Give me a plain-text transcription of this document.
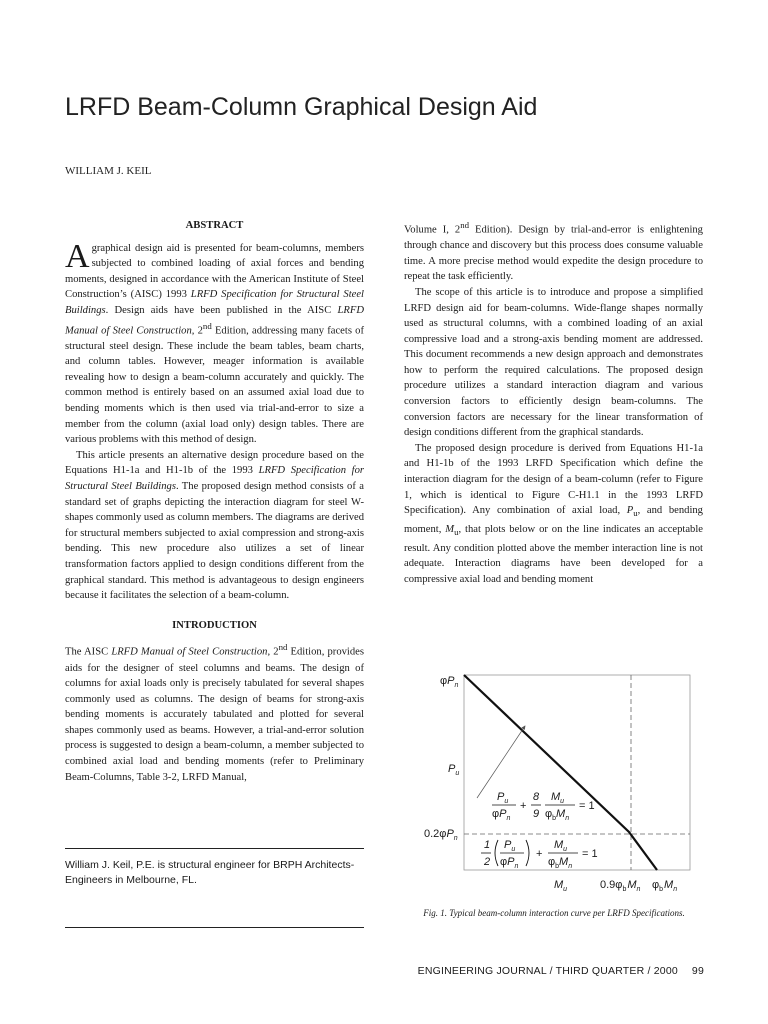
LRFD Beam-Column Graphical Design Aid
WILLIAM J. KEIL
ABSTRACT

A graphical design aid is presented for beam-columns, members subjected to combined loading of axial forces and bending moments, designed in accordance with the American Institute of Steel Construction’s (AISC) 1993 LRFD Specification for Structural Steel Buildings. Design aids have been published in the AISC LRFD Manual of Steel Construction, 2nd Edition, addressing many facets of structural steel design. These include the beam tables, beam charts, and column tables. However, meager information is available revealing how to design a beam-column accurately and quickly. The common method is entirely based on an assumed axial load due to bending moments which is then used via trial-and-error to size a member from the column (axial load only) design tables. There are various problems with this method of design.

This article presents an alternative design procedure based on the Equations H1-1a and H1-1b of the 1993 LRFD Specification for Structural Steel Buildings. The proposed design method consists of a standard set of graphs depicting the interaction diagram for steel W-shapes commonly used as column members. The diagrams are derived for structural members subjected to axial compression and strong-axis bending. This new procedure also utilizes a set of linear transformation factors applied to design conditions different from the graphical standard. This method is advantageous to design engineers because it facilitates the selection of a beam-column.

INTRODUCTION

The AISC LRFD Manual of Steel Construction, 2nd Edition, provides aids for the designer of steel columns and beams. The design of columns for axial loads only is precisely tabulated for several shapes commonly used as columns. The design of beams for strong-axis bending moments is accurately tabulated and plotted for several shapes commonly used as beams. However, a trial-and-error solution process is suggested to design a beam-column, a member subjected to combined axial load and bending moments (refer to Preliminary Beam-Columns, Table 3-2, LRFD Manual,

William J. Keil, P.E. is structural engineer for BRPH Architects-Engineers in Melbourne, FL.

Volume I, 2nd Edition). Design by trial-and-error is enlightening through chance and discovery but this process does consume valuable time. A more precise method would expedite the design procedure to repeat the task efficiently.

The scope of this article is to introduce and propose a simplified LRFD design aid for beam-columns. Wide-flange shapes normally used as structural columns, with a combined loading of an axial compressive load and a strong-axis bending moment are addressed. This document recommends a new design approach and demonstrates how to perform the required calculations. The proposed design procedure utilizes a standard interaction diagram and various conversion factors to efficiently design beam-columns. The conversion factors are necessary for the linear transformation of design conditions different from the graphical standards.

The proposed design procedure is derived from Equations H1-1a and H1-1b of the 1993 LRFD Specification which define the interaction diagram for the design of a beam-column (refer to Figure 1, which is identical to Figure C-H1.1 in the 1993 LRFD Specification). Any combination of axial load, $P_u$, and bending moment, $M_u$, that plots below or on the line indicates an acceptable result. Any condition plotted above the member interaction line is not adequate. Interaction diagrams have been developed for a compressive axial load and bending moment

$\varphi P_n$
$P_u$
$0.2\varphi P_n$
$M_u$	$0.9\varphi_bM_n$ $\varphi_bM_n$
$P_u$
$\varphi P_n$
+
8
9
$M_u$
$\varphi_bM_n$
= 1
1
2
$P_u$
$\varphi P_n$
+
$M_u$
$\varphi_bM_n$
= 1
Fig. 1. Typical beam-column interaction curve per LRFD Specifications.
ENGINEERING JOURNAL / THIRD QUARTER / 2000 99
